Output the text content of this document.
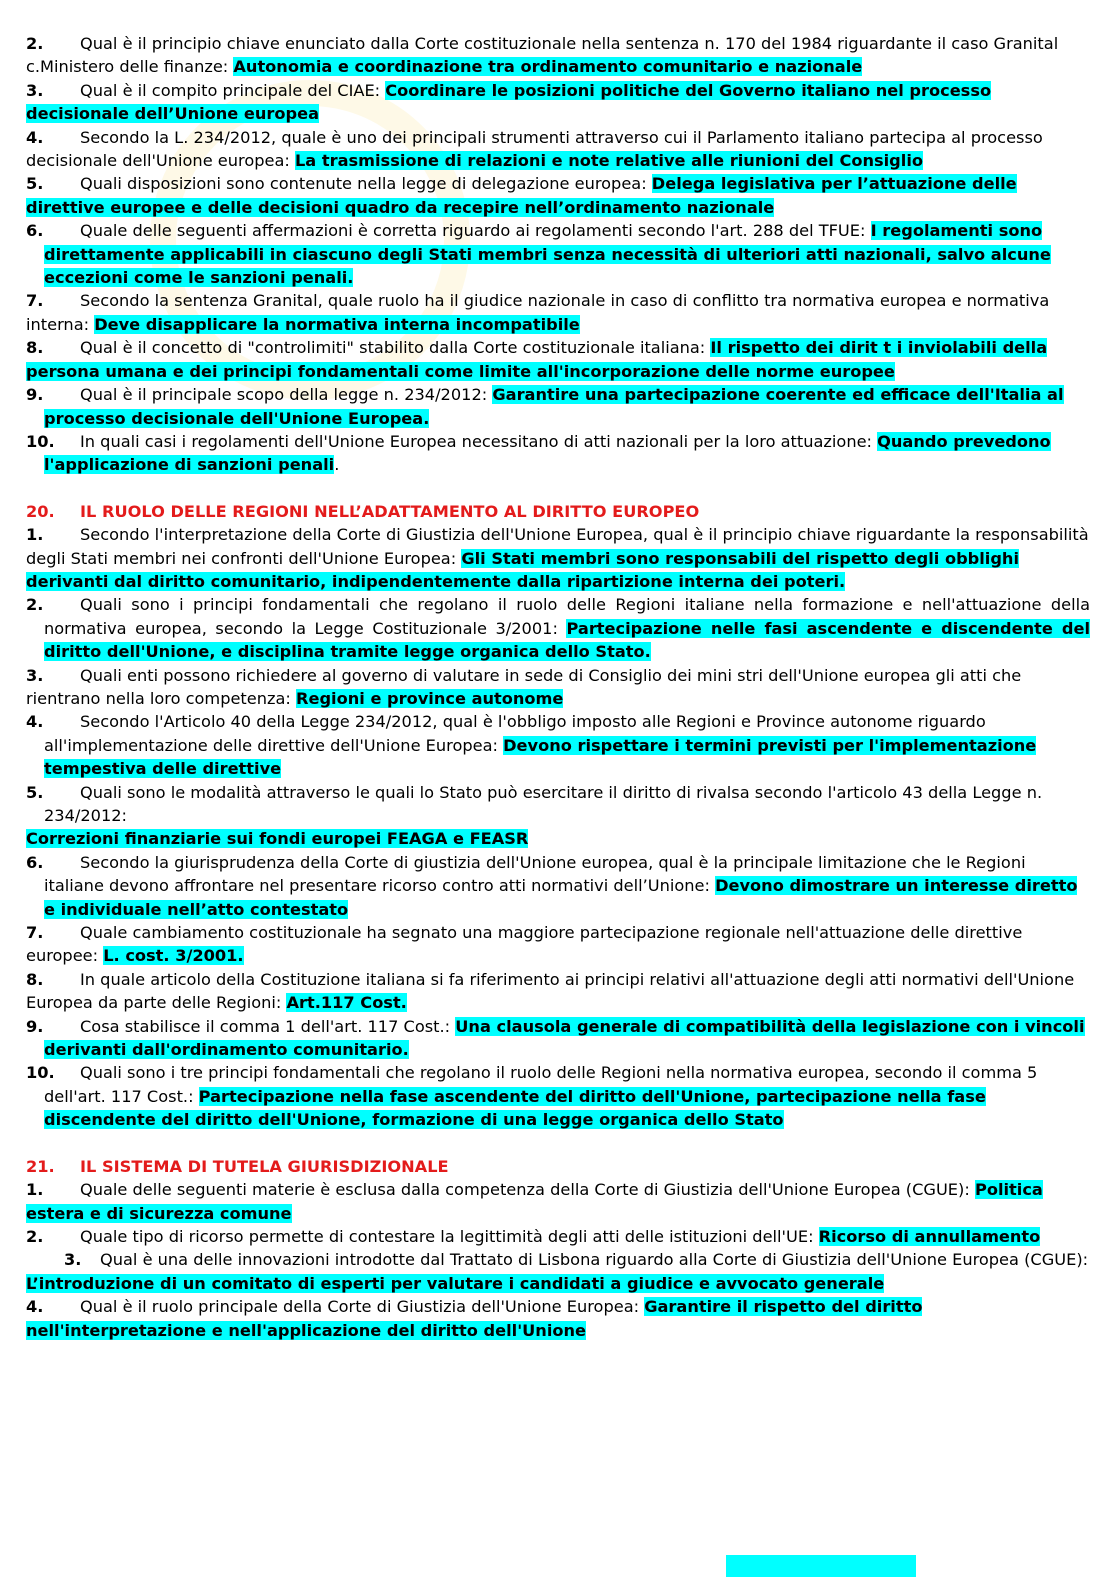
2. Qual è il principio chiave enunciato dalla Corte costituzionale nella sentenza n. 170 del 1984 riguardante il caso Granital c.Ministero delle finanze: Autonomia e coordinazione tra ordinamento comunitario e nazionale

3. Qual è il compito principale del CIAE: Coordinare le posizioni politiche del Governo italiano nel processo decisionale dell’Unione europea

4. Secondo la L. 234/2012, quale è uno dei principali strumenti attraverso cui il Parlamento italiano partecipa al processo decisionale dell'Unione europea: La trasmissione di relazioni e note relative alle riunioni del Consiglio

5. Quali disposizioni sono contenute nella legge di delegazione europea: Delega legislativa per l’attuazione delle direttive europee e delle decisioni quadro da recepire nell’ordinamento nazionale

6. Quale delle seguenti affermazioni è corretta riguardo ai regolamenti secondo l'art. 288 del TFUE: I regolamenti sono direttamente applicabili in ciascuno degli Stati membri senza necessità di ulteriori atti nazionali, salvo alcune eccezioni come le sanzioni penali.

7. Secondo la sentenza Granital, quale ruolo ha il giudice nazionale in caso di conflitto tra normativa europea e normativa interna: Deve disapplicare la normativa interna incompatibile

8. Qual è il concetto di "controlimiti" stabilito dalla Corte costituzionale italiana: Il rispetto dei dirit t i inviolabili della persona umana e dei principi fondamentali come limite all'incorporazione delle norme europee

9. Qual è il principale scopo della legge n. 234/2012: Garantire una partecipazione coerente ed efficace dell'Italia al processo decisionale dell'Unione Europea.

10. In quali casi i regolamenti dell'Unione Europea necessitano di atti nazionali per la loro attuazione: Quando prevedono l'applicazione di sanzioni penali.

20. IL RUOLO DELLE REGIONI NELL’ADATTAMENTO AL DIRITTO EUROPEO

1. Secondo l'interpretazione della Corte di Giustizia dell'Unione Europea, qual è il principio chiave riguardante la responsabilità degli Stati membri nei confronti dell'Unione Europea: Gli Stati membri sono responsabili del rispetto degli obblighi derivanti dal diritto comunitario, indipendentemente dalla ripartizione interna dei poteri.

2. Quali sono i principi fondamentali che regolano il ruolo delle Regioni italiane nella formazione e nell'attuazione della normativa europea, secondo la Legge Costituzionale 3/2001: Partecipazione nelle fasi ascendente e discendente del diritto dell'Unione, e disciplina tramite legge organica dello Stato.

3. Quali enti possono richiedere al governo di valutare in sede di Consiglio dei mini stri dell'Unione europea gli atti che rientrano nella loro competenza: Regioni e province autonome

4. Secondo l'Articolo 40 della Legge 234/2012, qual è l'obbligo imposto alle Regioni e Province autonome riguardo all'implementazione delle direttive dell'Unione Europea: Devono rispettare i termini previsti per l'implementazione tempestiva delle direttive

5. Quali sono le modalità attraverso le quali lo Stato può esercitare il diritto di rivalsa secondo l'articolo 43 della Legge n. 234/2012:

Correzioni finanziarie sui fondi europei FEAGA e FEASR

6. Secondo la giurisprudenza della Corte di giustizia dell'Unione europea, qual è la principale limitazione che le Regioni italiane devono affrontare nel presentare ricorso contro atti normativi dell’Unione: Devono dimostrare un interesse diretto e individuale nell’atto contestato

7. Quale cambiamento costituzionale ha segnato una maggiore partecipazione regionale nell'attuazione delle direttive europee: L. cost. 3/2001.

8. In quale articolo della Costituzione italiana si fa riferimento ai principi relativi all'attuazione degli atti normativi dell'Unione Europea da parte delle Regioni: Art.117 Cost.

9. Cosa stabilisce il comma 1 dell'art. 117 Cost.: Una clausola generale di compatibilità della legislazione con i vincoli derivanti dall'ordinamento comunitario.

10. Quali sono i tre principi fondamentali che regolano il ruolo delle Regioni nella normativa europea, secondo il comma 5 dell'art. 117 Cost.: Partecipazione nella fase ascendente del diritto dell'Unione, partecipazione nella fase discendente del diritto dell'Unione, formazione di una legge organica dello Stato

21. IL SISTEMA DI TUTELA GIURISDIZIONALE

1. Quale delle seguenti materie è esclusa dalla competenza della Corte di Giustizia dell'Unione Europea (CGUE): Politica estera e di sicurezza comune

2. Quale tipo di ricorso permette di contestare la legittimità degli atti delle istituzioni dell'UE: Ricorso di annullamento

3. Qual è una delle innovazioni introdotte dal Trattato di Lisbona riguardo alla Corte di Giustizia dell'Unione Europea (CGUE):

L’introduzione di un comitato di esperti per valutare i candidati a giudice e avvocato generale

4. Qual è il ruolo principale della Corte di Giustizia dell'Unione Europea: Garantire il rispetto del diritto nell'interpretazione e nell'applicazione del diritto dell'Unione
